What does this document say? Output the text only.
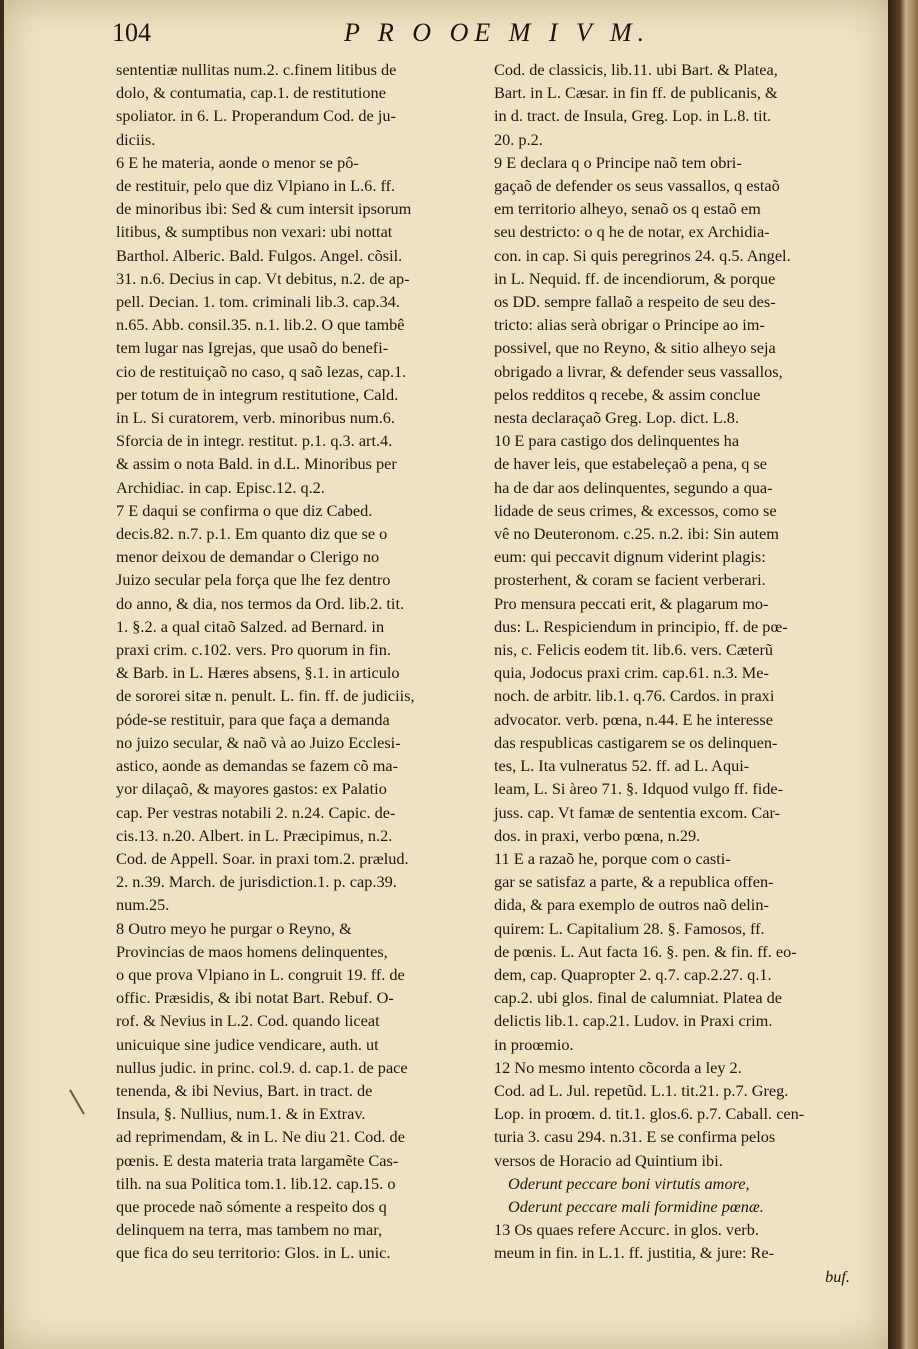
104	P R O OE M I V M.

sententiæ nullitas num.2. c.finem litibus de

dolo, & contumatia, cap.1. de restitutione

spoliator. in 6. L. Properandum Cod. de ju-

diciis.

6 E he materia, aonde o menor se pô-

de restituir, pelo que diz Vlpiano in L.6. ff.

de minoribus ibi: Sed & cum intersit ipsorum

litibus, & sumptibus non vexari: ubi nottat

Barthol. Alberic. Bald. Fulgos. Angel. cõsil.

31. n.6. Decius in cap. Vt debitus, n.2. de ap-

pell. Decian. 1. tom. criminali lib.3. cap.34.

n.65. Abb. consil.35. n.1. lib.2. O que tambê

tem lugar nas Igrejas, que usaõ do benefi-

cio de restituiçaõ no caso, q saõ lezas, cap.1.

per totum de in integrum restitutione, Cald.

in L. Si curatorem, verb. minoribus num.6.

Sforcia de in integr. restitut. p.1. q.3. art.4.

& assim o nota Bald. in d.L. Minoribus per

Archidiac. in cap. Episc.12. q.2.

7 E daqui se confirma o que diz Cabed.

decis.82. n.7. p.1. Em quanto diz que se o

menor deixou de demandar o Clerigo no

Juizo secular pela força que lhe fez dentro

do anno, & dia, nos termos da Ord. lib.2. tit.

1. §.2. a qual citaõ Salzed. ad Bernard. in

praxi crim. c.102. vers. Pro quorum in fin.

& Barb. in L. Hæres absens, §.1. in articulo

de sororei sitæ n. penult. L. fin. ff. de judiciis,

póde-se restituir, para que faça a demanda

no juizo secular, & naõ và ao Juizo Ecclesi-

astico, aonde as demandas se fazem cõ ma-

yor dilaçaõ, & mayores gastos: ex Palatio

cap. Per vestras notabili 2. n.24. Capic. de-

cis.13. n.20. Albert. in L. Præcipimus, n.2.

Cod. de Appell. Soar. in praxi tom.2. prælud.

2. n.39. March. de jurisdiction.1. p. cap.39.

num.25.

8 Outro meyo he purgar o Reyno, &

Provincias de maos homens delinquentes,

o que prova Vlpiano in L. congruit 19. ff. de

offic. Præsidis, & ibi notat Bart. Rebuf. O-

rof. & Nevius in L.2. Cod. quando liceat

unicuique sine judice vendicare, auth. ut

nullus judic. in princ. col.9. d. cap.1. de pace

tenenda, & ibi Nevius, Bart. in tract. de

Insula, §. Nullius, num.1. & in Extrav.

ad reprimendam, & in L. Ne diu 21. Cod. de

pœnis. E desta materia trata largamẽte Cas-

tilh. na sua Politica tom.1. lib.12. cap.15. o

que procede naõ sómente a respeito dos q

delinquem na terra, mas tambem no mar,

que fica do seu territorio: Glos. in L. unic.

Cod. de classicis, lib.11. ubi Bart. & Platea,

Bart. in L. Cæsar. in fin ff. de publicanis, &

in d. tract. de Insula, Greg. Lop. in L.8. tit.

20. p.2.

9 E declara q o Principe naõ tem obri-

gaçaõ de defender os seus vassallos, q estaõ

em territorio alheyo, senaõ os q estaõ em

seu destricto: o q he de notar, ex Archidia-

con. in cap. Si quis peregrinos 24. q.5. Angel.

in L. Nequid. ff. de incendiorum, & porque

os DD. sempre fallaõ a respeito de seu des-

tricto: alias serà obrigar o Principe ao im-

possivel, que no Reyno, & sitio alheyo seja

obrigado a livrar, & defender seus vassallos,

pelos redditos q recebe, & assim conclue

nesta declaraçaõ Greg. Lop. dict. L.8.

10 E para castigo dos delinquentes ha

de haver leis, que estabeleçaõ a pena, q se

ha de dar aos delinquentes, segundo a qua-

lidade de seus crimes, & excessos, como se

vê no Deuteronom. c.25. n.2. ibi: Sin autem

eum: qui peccavit dignum viderint plagis:

prosterhent, & coram se facient verberari.

Pro mensura peccati erit, & plagarum mo-

dus: L. Respiciendum in principio, ff. de pœ-

nis, c. Felicis eodem tit. lib.6. vers. Cæterũ

quia, Jodocus praxi crim. cap.61. n.3. Me-

noch. de arbitr. lib.1. q.76. Cardos. in praxi

advocator. verb. pœna, n.44. E he interesse

das respublicas castigarem se os delinquen-

tes, L. Ita vulneratus 52. ff. ad L. Aqui-

leam, L. Si àreo 71. §. Idquod vulgo ff. fide-

juss. cap. Vt famæ de sententia excom. Car-

dos. in praxi, verbo pœna, n.29.

11 E a razaõ he, porque com o casti-

gar se satisfaz a parte, & a republica offen-

dida, & para exemplo de outros naõ delin-

quirem: L. Capitalium 28. §. Famosos, ff.

de pœnis. L. Aut facta 16. §. pen. & fin. ff. eo-

dem, cap. Quapropter 2. q.7. cap.2.27. q.1.

cap.2. ubi glos. final de calumniat. Platea de

delictis lib.1. cap.21. Ludov. in Praxi crim.

in proœmio.

12 No mesmo intento cõcorda a ley 2.

Cod. ad L. Jul. repetũd. L.1. tit.21. p.7. Greg.

Lop. in proœm. d. tit.1. glos.6. p.7. Caball. cen-

turia 3. casu 294. n.31. E se confirma pelos

versos de Horacio ad Quintium ibi.

Oderunt peccare boni virtutis amore,

Oderunt peccare mali formidine pœnæ.

13 Os quaes refere Accurc. in glos. verb.

meum in fin. in L.1. ff. justitia, & jure: Re-

buf.
